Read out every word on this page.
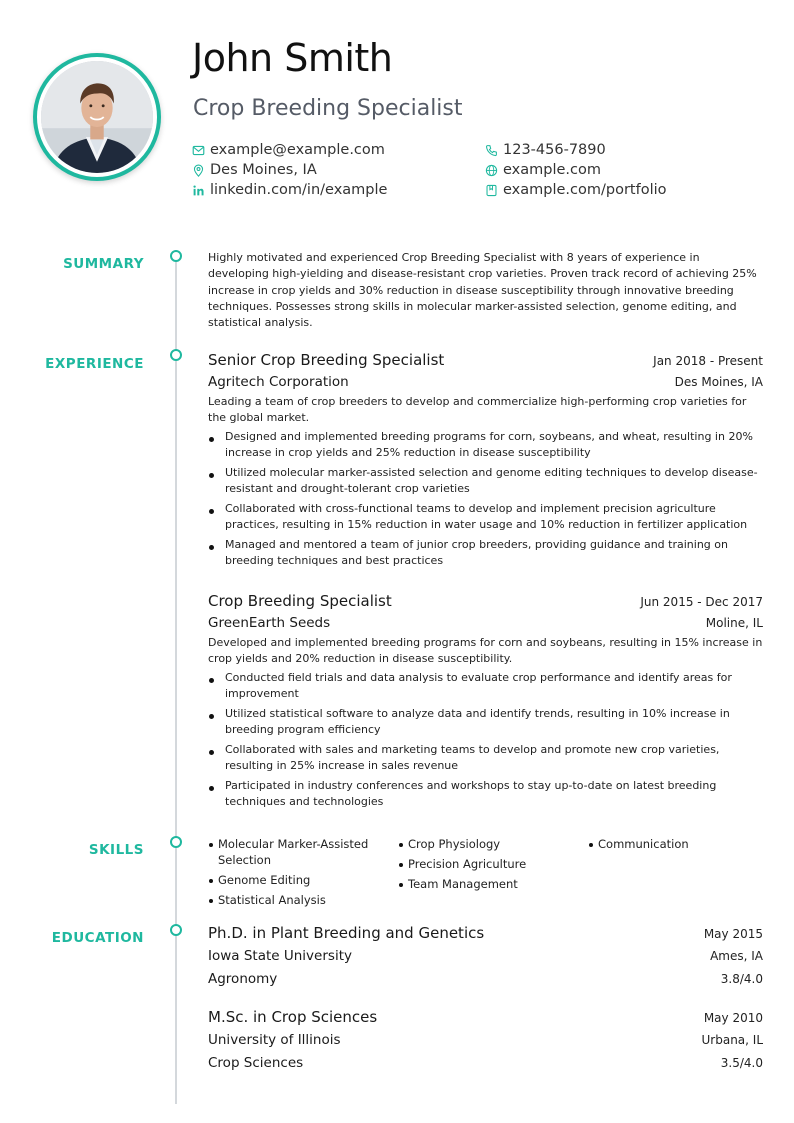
John Smith
Crop Breeding Specialist
example@example.com	123-456-7890
Des Moines, IA	example.com
linkedin.com/in/example	example.com/portfolio
SUMMARY
EXPERIENCE
SKILLS
EDUCATION
Highly motivated and experienced Crop Breeding Specialist with 8 years of experience in developing high-yielding and disease-resistant crop varieties. Proven track record of achieving 25% increase in crop yields and 30% reduction in disease susceptibility through innovative breeding techniques. Possesses strong skills in molecular marker-assisted selection, genome editing, and statistical analysis.
Senior Crop Breeding Specialist	Jan 2018 - Present
Agritech Corporation	Des Moines, IA
Leading a team of crop breeders to develop and commercialize high-performing crop varieties for the global market.
Designed and implemented breeding programs for corn, soybeans, and wheat, resulting in 20% increase in crop yields and 25% reduction in disease susceptibility
Utilized molecular marker-assisted selection and genome editing techniques to develop disease-resistant and drought-tolerant crop varieties
Collaborated with cross-functional teams to develop and implement precision agriculture practices, resulting in 15% reduction in water usage and 10% reduction in fertilizer application
Managed and mentored a team of junior crop breeders, providing guidance and training on breeding techniques and best practices
Crop Breeding Specialist	Jun 2015 - Dec 2017
GreenEarth Seeds	Moline, IL
Developed and implemented breeding programs for corn and soybeans, resulting in 15% increase in crop yields and 20% reduction in disease susceptibility.
Conducted field trials and data analysis to evaluate crop performance and identify areas for improvement
Utilized statistical software to analyze data and identify trends, resulting in 10% increase in breeding program efficiency
Collaborated with sales and marketing teams to develop and promote new crop varieties, resulting in 25% increase in sales revenue
Participated in industry conferences and workshops to stay up-to-date on latest breeding techniques and technologies
Molecular Marker-Assisted Selection
Genome Editing
Statistical Analysis
Crop Physiology
Precision Agriculture
Team Management
Communication
Ph.D. in Plant Breeding and Genetics	May 2015
Iowa State University	Ames, IA
Agronomy	3.8/4.0
M.Sc. in Crop Sciences	May 2010
University of Illinois	Urbana, IL
Crop Sciences	3.5/4.0
